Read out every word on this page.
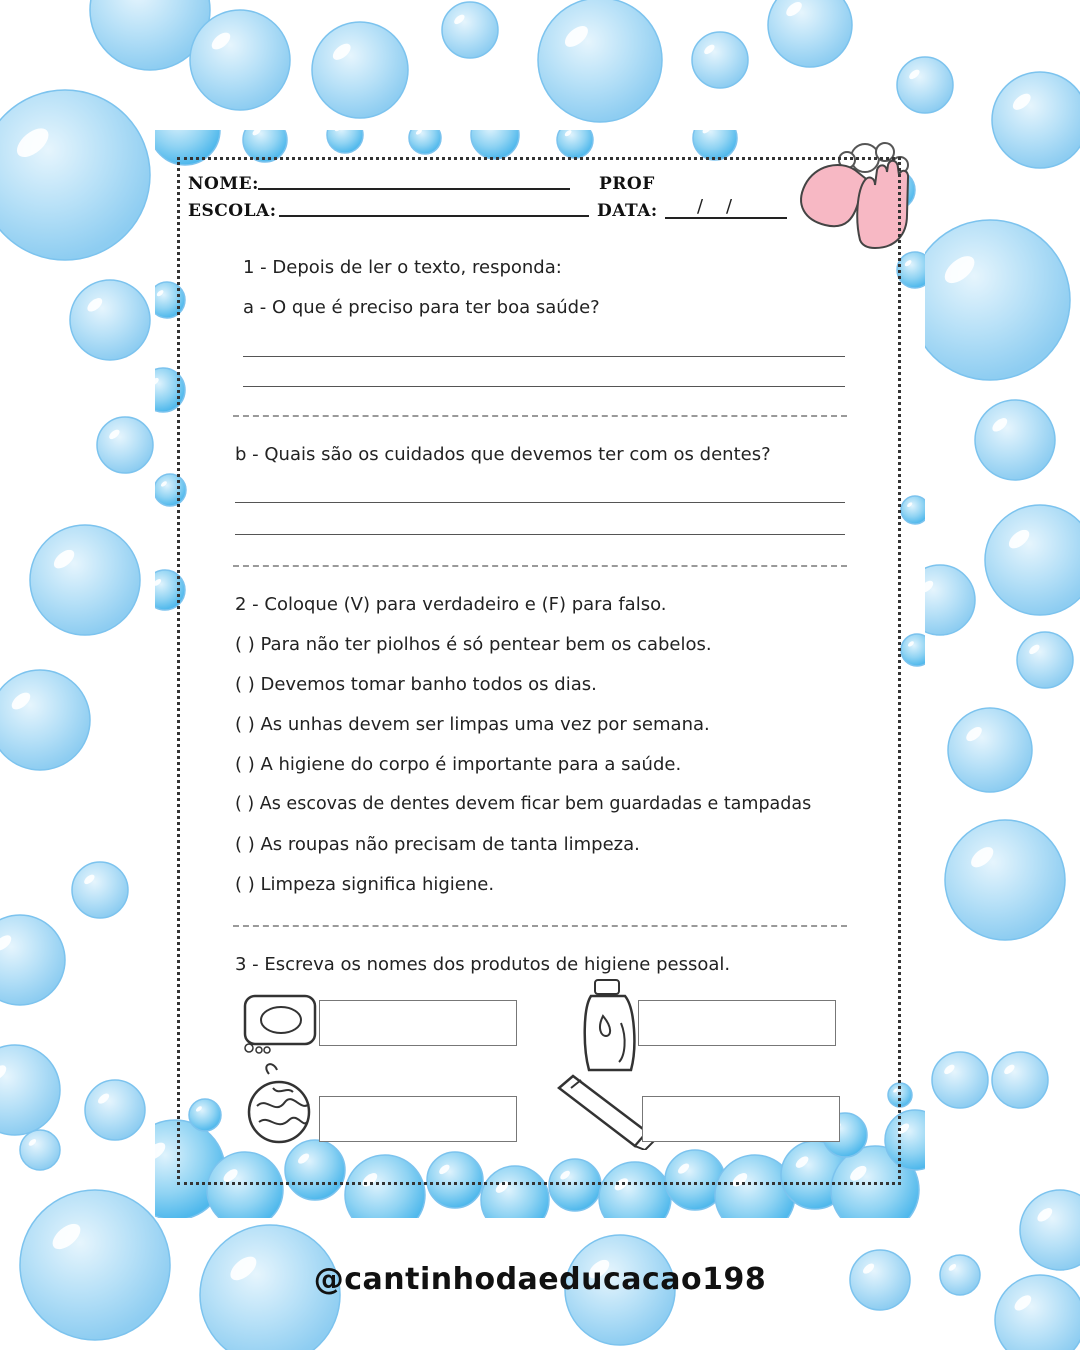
NOME:	PROF
ESCOLA:	DATA: /    /
1 - Depois de ler o texto, responda:
a - O que é preciso para ter boa saúde?
b - Quais são os cuidados que devemos ter com os dentes?
2 - Coloque (V) para verdadeiro e (F) para falso.
( ) Para não ter piolhos é só pentear bem os cabelos.
( ) Devemos tomar banho todos os dias.
( ) As unhas devem ser limpas uma vez por semana.
( ) A higiene do corpo é importante para a saúde.
( ) As escovas de dentes devem ficar bem guardadas e tampadas
( ) As roupas não precisam de tanta limpeza.
( ) Limpeza significa higiene.
3 - Escreva os nomes dos produtos de higiene pessoal.
@cantinhodaeducacao198
